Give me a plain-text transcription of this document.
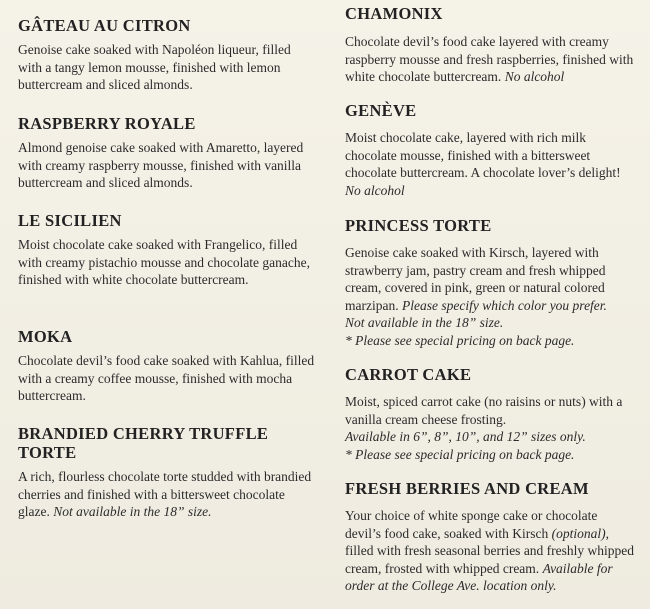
GÂTEAU AU CITRON

Genoise cake soaked with Napoléon liqueur, filled with a tangy lemon mousse, finished with lemon buttercream and sliced almonds.

RASPBERRY ROYALE

Almond genoise cake soaked with Amaretto, layered with creamy raspberry mousse, finished with vanilla buttercream and sliced almonds.

LE SICILIEN

Moist chocolate cake soaked with Frangelico, filled with creamy pistachio mousse and chocolate ganache, finished with white chocolate buttercream.

MOKA

Chocolate devil’s food cake soaked with Kahlua, filled with a creamy coffee mousse, finished with mocha buttercream.

BRANDIED CHERRY TRUFFLE TORTE

A rich, flourless chocolate torte studded with brandied cherries and finished with a bittersweet chocolate glaze. Not available in the 18” size.

CHAMONIX

Chocolate devil’s food cake layered with creamy raspberry mousse and fresh raspberries, finished with white chocolate buttercream. No alcohol

GENÈVE

Moist chocolate cake, layered with rich milk chocolate mousse, finished with a bittersweet chocolate buttercream. A chocolate lover’s delight! No alcohol

PRINCESS TORTE

Genoise cake soaked with Kirsch, layered with strawberry jam, pastry cream and fresh whipped cream, covered in pink, green or natural colored marzipan. Please specify which color you prefer.
Not available in the 18” size.
* Please see special pricing on back page.

CARROT CAKE

Moist, spiced carrot cake (no raisins or nuts) with a vanilla cream cheese frosting.
Available in 6”, 8”, 10”, and 12” sizes only.
* Please see special pricing on back page.

FRESH BERRIES AND CREAM

Your choice of white sponge cake or chocolate devil’s food cake, soaked with Kirsch (optional), filled with fresh seasonal berries and freshly whipped cream, frosted with whipped cream. Available for order at the College Ave. location only.
